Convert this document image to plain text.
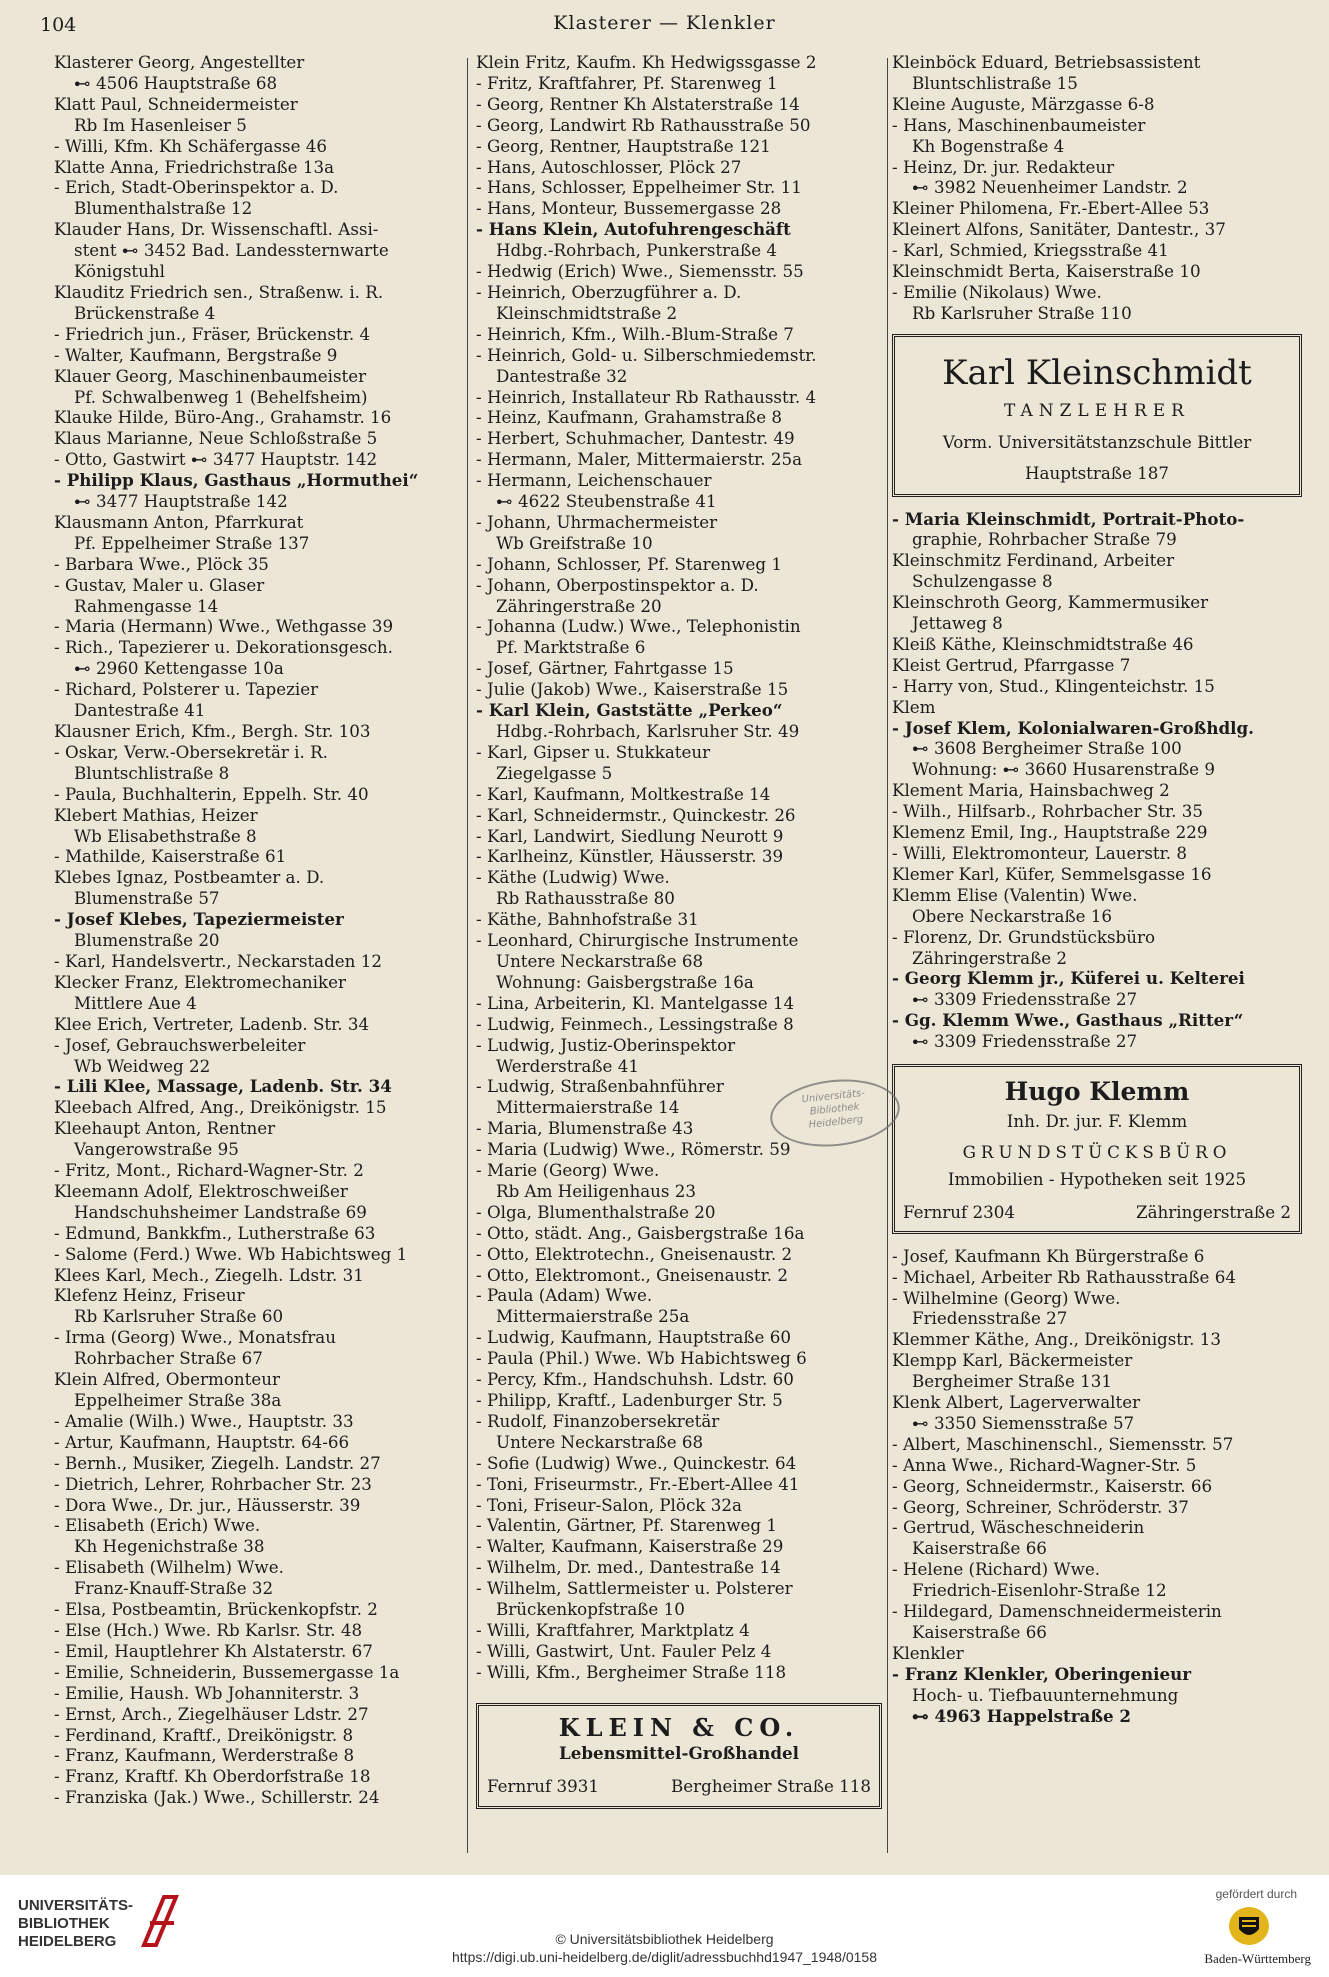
104	Klasterer — Klenkler
Klasterer Georg, Angestellter
⊷ 4506 Hauptstraße 68
Klatt Paul, Schneidermeister
Rb Im Hasenleiser 5
- Willi, Kfm. Kh Schäfergasse 46
Klatte Anna, Friedrichstraße 13a
- Erich, Stadt-Oberinspektor a. D.
Blumenthalstraße 12
Klauder Hans, Dr. Wissenschaftl. Assi-
stent ⊷ 3452 Bad. Landessternwarte
Königstuhl
Klauditz Friedrich sen., Straßenw. i. R.
Brückenstraße 4
- Friedrich jun., Fräser, Brückenstr. 4
- Walter, Kaufmann, Bergstraße 9
Klauer Georg, Maschinenbaumeister
Pf. Schwalbenweg 1 (Behelfsheim)
Klauke Hilde, Büro-Ang., Grahamstr. 16
Klaus Marianne, Neue Schloßstraße 5
- Otto, Gastwirt ⊷ 3477 Hauptstr. 142
- Philipp Klaus, Gasthaus „Hormuthei“
⊷ 3477 Hauptstraße 142
Klausmann Anton, Pfarrkurat
Pf. Eppelheimer Straße 137
- Barbara Wwe., Plöck 35
- Gustav, Maler u. Glaser
Rahmengasse 14
- Maria (Hermann) Wwe., Wethgasse 39
- Rich., Tapezierer u. Dekorationsgesch.
⊷ 2960 Kettengasse 10a
- Richard, Polsterer u. Tapezier
Dantestraße 41
Klausner Erich, Kfm., Bergh. Str. 103
- Oskar, Verw.-Obersekretär i. R.
Bluntschlistraße 8
- Paula, Buchhalterin, Eppelh. Str. 40
Klebert Mathias, Heizer
Wb Elisabethstraße 8
- Mathilde, Kaiserstraße 61
Klebes Ignaz, Postbeamter a. D.
Blumenstraße 57
- Josef Klebes, Tapeziermeister
Blumenstraße 20
- Karl, Handelsvertr., Neckarstaden 12
Klecker Franz, Elektromechaniker
Mittlere Aue 4
Klee Erich, Vertreter, Ladenb. Str. 34
- Josef, Gebrauchswerbeleiter
Wb Weidweg 22
- Lili Klee, Massage, Ladenb. Str. 34
Kleebach Alfred, Ang., Dreikönigstr. 15
Kleehaupt Anton, Rentner
Vangerowstraße 95
- Fritz, Mont., Richard-Wagner-Str. 2
Kleemann Adolf, Elektroschweißer
Handschuhsheimer Landstraße 69
- Edmund, Bankkfm., Lutherstraße 63
- Salome (Ferd.) Wwe. Wb Habichtsweg 1
Klees Karl, Mech., Ziegelh. Ldstr. 31
Klefenz Heinz, Friseur
Rb Karlsruher Straße 60
- Irma (Georg) Wwe., Monatsfrau
Rohrbacher Straße 67
Klein Alfred, Obermonteur
Eppelheimer Straße 38a
- Amalie (Wilh.) Wwe., Hauptstr. 33
- Artur, Kaufmann, Hauptstr. 64-66
- Bernh., Musiker, Ziegelh. Landstr. 27
- Dietrich, Lehrer, Rohrbacher Str. 23
- Dora Wwe., Dr. jur., Häusserstr. 39
- Elisabeth (Erich) Wwe.
Kh Hegenichstraße 38
- Elisabeth (Wilhelm) Wwe.
Franz-Knauff-Straße 32
- Elsa, Postbeamtin, Brückenkopfstr. 2
- Else (Hch.) Wwe. Rb Karlsr. Str. 48
- Emil, Hauptlehrer Kh Alstaterstr. 67
- Emilie, Schneiderin, Bussemergasse 1a
- Emilie, Haush. Wb Johanniterstr. 3
- Ernst, Arch., Ziegelhäuser Ldstr. 27
- Ferdinand, Kraftf., Dreikönigstr. 8
- Franz, Kaufmann, Werderstraße 8
- Franz, Kraftf. Kh Oberdorfstraße 18
- Franziska (Jak.) Wwe., Schillerstr. 24
Klein Fritz, Kaufm. Kh Hedwigssgasse 2
- Fritz, Kraftfahrer, Pf. Starenweg 1
- Georg, Rentner Kh Alstaterstraße 14
- Georg, Landwirt Rb Rathausstraße 50
- Georg, Rentner, Hauptstraße 121
- Hans, Autoschlosser, Plöck 27
- Hans, Schlosser, Eppelheimer Str. 11
- Hans, Monteur, Bussemergasse 28
- Hans Klein, Autofuhrengeschäft
Hdbg.-Rohrbach, Punkerstraße 4
- Hedwig (Erich) Wwe., Siemensstr. 55
- Heinrich, Oberzugführer a. D.
Kleinschmidtstraße 2
- Heinrich, Kfm., Wilh.-Blum-Straße 7
- Heinrich, Gold- u. Silberschmiedemstr.
Dantestraße 32
- Heinrich, Installateur Rb Rathausstr. 4
- Heinz, Kaufmann, Grahamstraße 8
- Herbert, Schuhmacher, Dantestr. 49
- Hermann, Maler, Mittermaierstr. 25a
- Hermann, Leichenschauer
⊷ 4622 Steubenstraße 41
- Johann, Uhrmachermeister
Wb Greifstraße 10
- Johann, Schlosser, Pf. Starenweg 1
- Johann, Oberpostinspektor a. D.
Zähringerstraße 20
- Johanna (Ludw.) Wwe., Telephonistin
Pf. Marktstraße 6
- Josef, Gärtner, Fahrtgasse 15
- Julie (Jakob) Wwe., Kaiserstraße 15
- Karl Klein, Gaststätte „Perkeo“
Hdbg.-Rohrbach, Karlsruher Str. 49
- Karl, Gipser u. Stukkateur
Ziegelgasse 5
- Karl, Kaufmann, Moltkestraße 14
- Karl, Schneidermstr., Quinckestr. 26
- Karl, Landwirt, Siedlung Neurott 9
- Karlheinz, Künstler, Häusserstr. 39
- Käthe (Ludwig) Wwe.
Rb Rathausstraße 80
- Käthe, Bahnhofstraße 31
- Leonhard, Chirurgische Instrumente
Untere Neckarstraße 68
Wohnung: Gaisbergstraße 16a
- Lina, Arbeiterin, Kl. Mantelgasse 14
- Ludwig, Feinmech., Lessingstraße 8
- Ludwig, Justiz-Oberinspektor
Werderstraße 41
- Ludwig, Straßenbahnführer
Mittermaierstraße 14
- Maria, Blumenstraße 43
- Maria (Ludwig) Wwe., Römerstr. 59
- Marie (Georg) Wwe.
Rb Am Heiligenhaus 23
- Olga, Blumenthalstraße 20
- Otto, städt. Ang., Gaisbergstraße 16a
- Otto, Elektrotechn., Gneisenaustr. 2
- Otto, Elektromont., Gneisenaustr. 2
- Paula (Adam) Wwe.
Mittermaierstraße 25a
- Ludwig, Kaufmann, Hauptstraße 60
- Paula (Phil.) Wwe. Wb Habichtsweg 6
- Percy, Kfm., Handschuhsh. Ldstr. 60
- Philipp, Kraftf., Ladenburger Str. 5
- Rudolf, Finanzobersekretär
Untere Neckarstraße 68
- Sofie (Ludwig) Wwe., Quinckestr. 64
- Toni, Friseurmstr., Fr.-Ebert-Allee 41
- Toni, Friseur-Salon, Plöck 32a
- Valentin, Gärtner, Pf. Starenweg 1
- Walter, Kaufmann, Kaiserstraße 29
- Wilhelm, Dr. med., Dantestraße 14
- Wilhelm, Sattlermeister u. Polsterer
Brückenkopfstraße 10
- Willi, Kraftfahrer, Marktplatz 4
- Willi, Gastwirt, Unt. Fauler Pelz 4
- Willi, Kfm., Bergheimer Straße 118
KLEIN & CO.
Lebensmittel-Großhandel
Fernruf 3931	Bergheimer Straße 118
Kleinböck Eduard, Betriebsassistent
Bluntschlistraße 15
Kleine Auguste, Märzgasse 6-8
- Hans, Maschinenbaumeister
Kh Bogenstraße 4
- Heinz, Dr. jur. Redakteur
⊷ 3982 Neuenheimer Landstr. 2
Kleiner Philomena, Fr.-Ebert-Allee 53
Kleinert Alfons, Sanitäter, Dantestr., 37
- Karl, Schmied, Kriegsstraße 41
Kleinschmidt Berta, Kaiserstraße 10
- Emilie (Nikolaus) Wwe.
Rb Karlsruher Straße 110
Karl Kleinschmidt
TANZLEHRER
Vorm. Universitätstanzschule Bittler
Hauptstraße 187
- Maria Kleinschmidt, Portrait-Photo-
graphie, Rohrbacher Straße 79
Kleinschmitz Ferdinand, Arbeiter
Schulzengasse 8
Kleinschroth Georg, Kammermusiker
Jettaweg 8
Kleiß Käthe, Kleinschmidtstraße 46
Kleist Gertrud, Pfarrgasse 7
- Harry von, Stud., Klingenteichstr. 15
Klem
- Josef Klem, Kolonialwaren-Großhdlg.
⊷ 3608 Bergheimer Straße 100
Wohnung: ⊷ 3660 Husarenstraße 9
Klement Maria, Hainsbachweg 2
- Wilh., Hilfsarb., Rohrbacher Str. 35
Klemenz Emil, Ing., Hauptstraße 229
- Willi, Elektromonteur, Lauerstr. 8
Klemer Karl, Küfer, Semmelsgasse 16
Klemm Elise (Valentin) Wwe.
Obere Neckarstraße 16
- Florenz, Dr. Grundstücksbüro
Zähringerstraße 2
- Georg Klemm jr., Küferei u. Kelterei
⊷ 3309 Friedensstraße 27
- Gg. Klemm Wwe., Gasthaus „Ritter“
⊷ 3309 Friedensstraße 27
Hugo Klemm
Inh. Dr. jur. F. Klemm
GRUNDSTÜCKSBÜRO
Immobilien - Hypotheken seit 1925
Fernruf 2304	Zähringerstraße 2
- Josef, Kaufmann Kh Bürgerstraße 6
- Michael, Arbeiter Rb Rathausstraße 64
- Wilhelmine (Georg) Wwe.
Friedensstraße 27
Klemmer Käthe, Ang., Dreikönigstr. 13
Klempp Karl, Bäckermeister
Bergheimer Straße 131
Klenk Albert, Lagerverwalter
⊷ 3350 Siemensstraße 57
- Albert, Maschinenschl., Siemensstr. 57
- Anna Wwe., Richard-Wagner-Str. 5
- Georg, Schneidermstr., Kaiserstr. 66
- Georg, Schreiner, Schröderstr. 37
- Gertrud, Wäscheschneiderin
Kaiserstraße 66
- Helene (Richard) Wwe.
Friedrich-Eisenlohr-Straße 12
- Hildegard, Damenschneidermeisterin
Kaiserstraße 66
Klenkler
- Franz Klenkler, Oberingenieur
Hoch- u. Tiefbauunternehmung
⊷ 4963 Happelstraße 2
Universitäts-
Bibliothek
Heidelberg
UNIVERSITÄTS-
BIBLIOTHEK
HEIDELBERG	© Universitätsbibliothek Heidelberg
https://digi.ub.uni-heidelberg.de/diglit/adressbuchhd1947_1948/0158
gefördert durch
Baden-Württemberg
